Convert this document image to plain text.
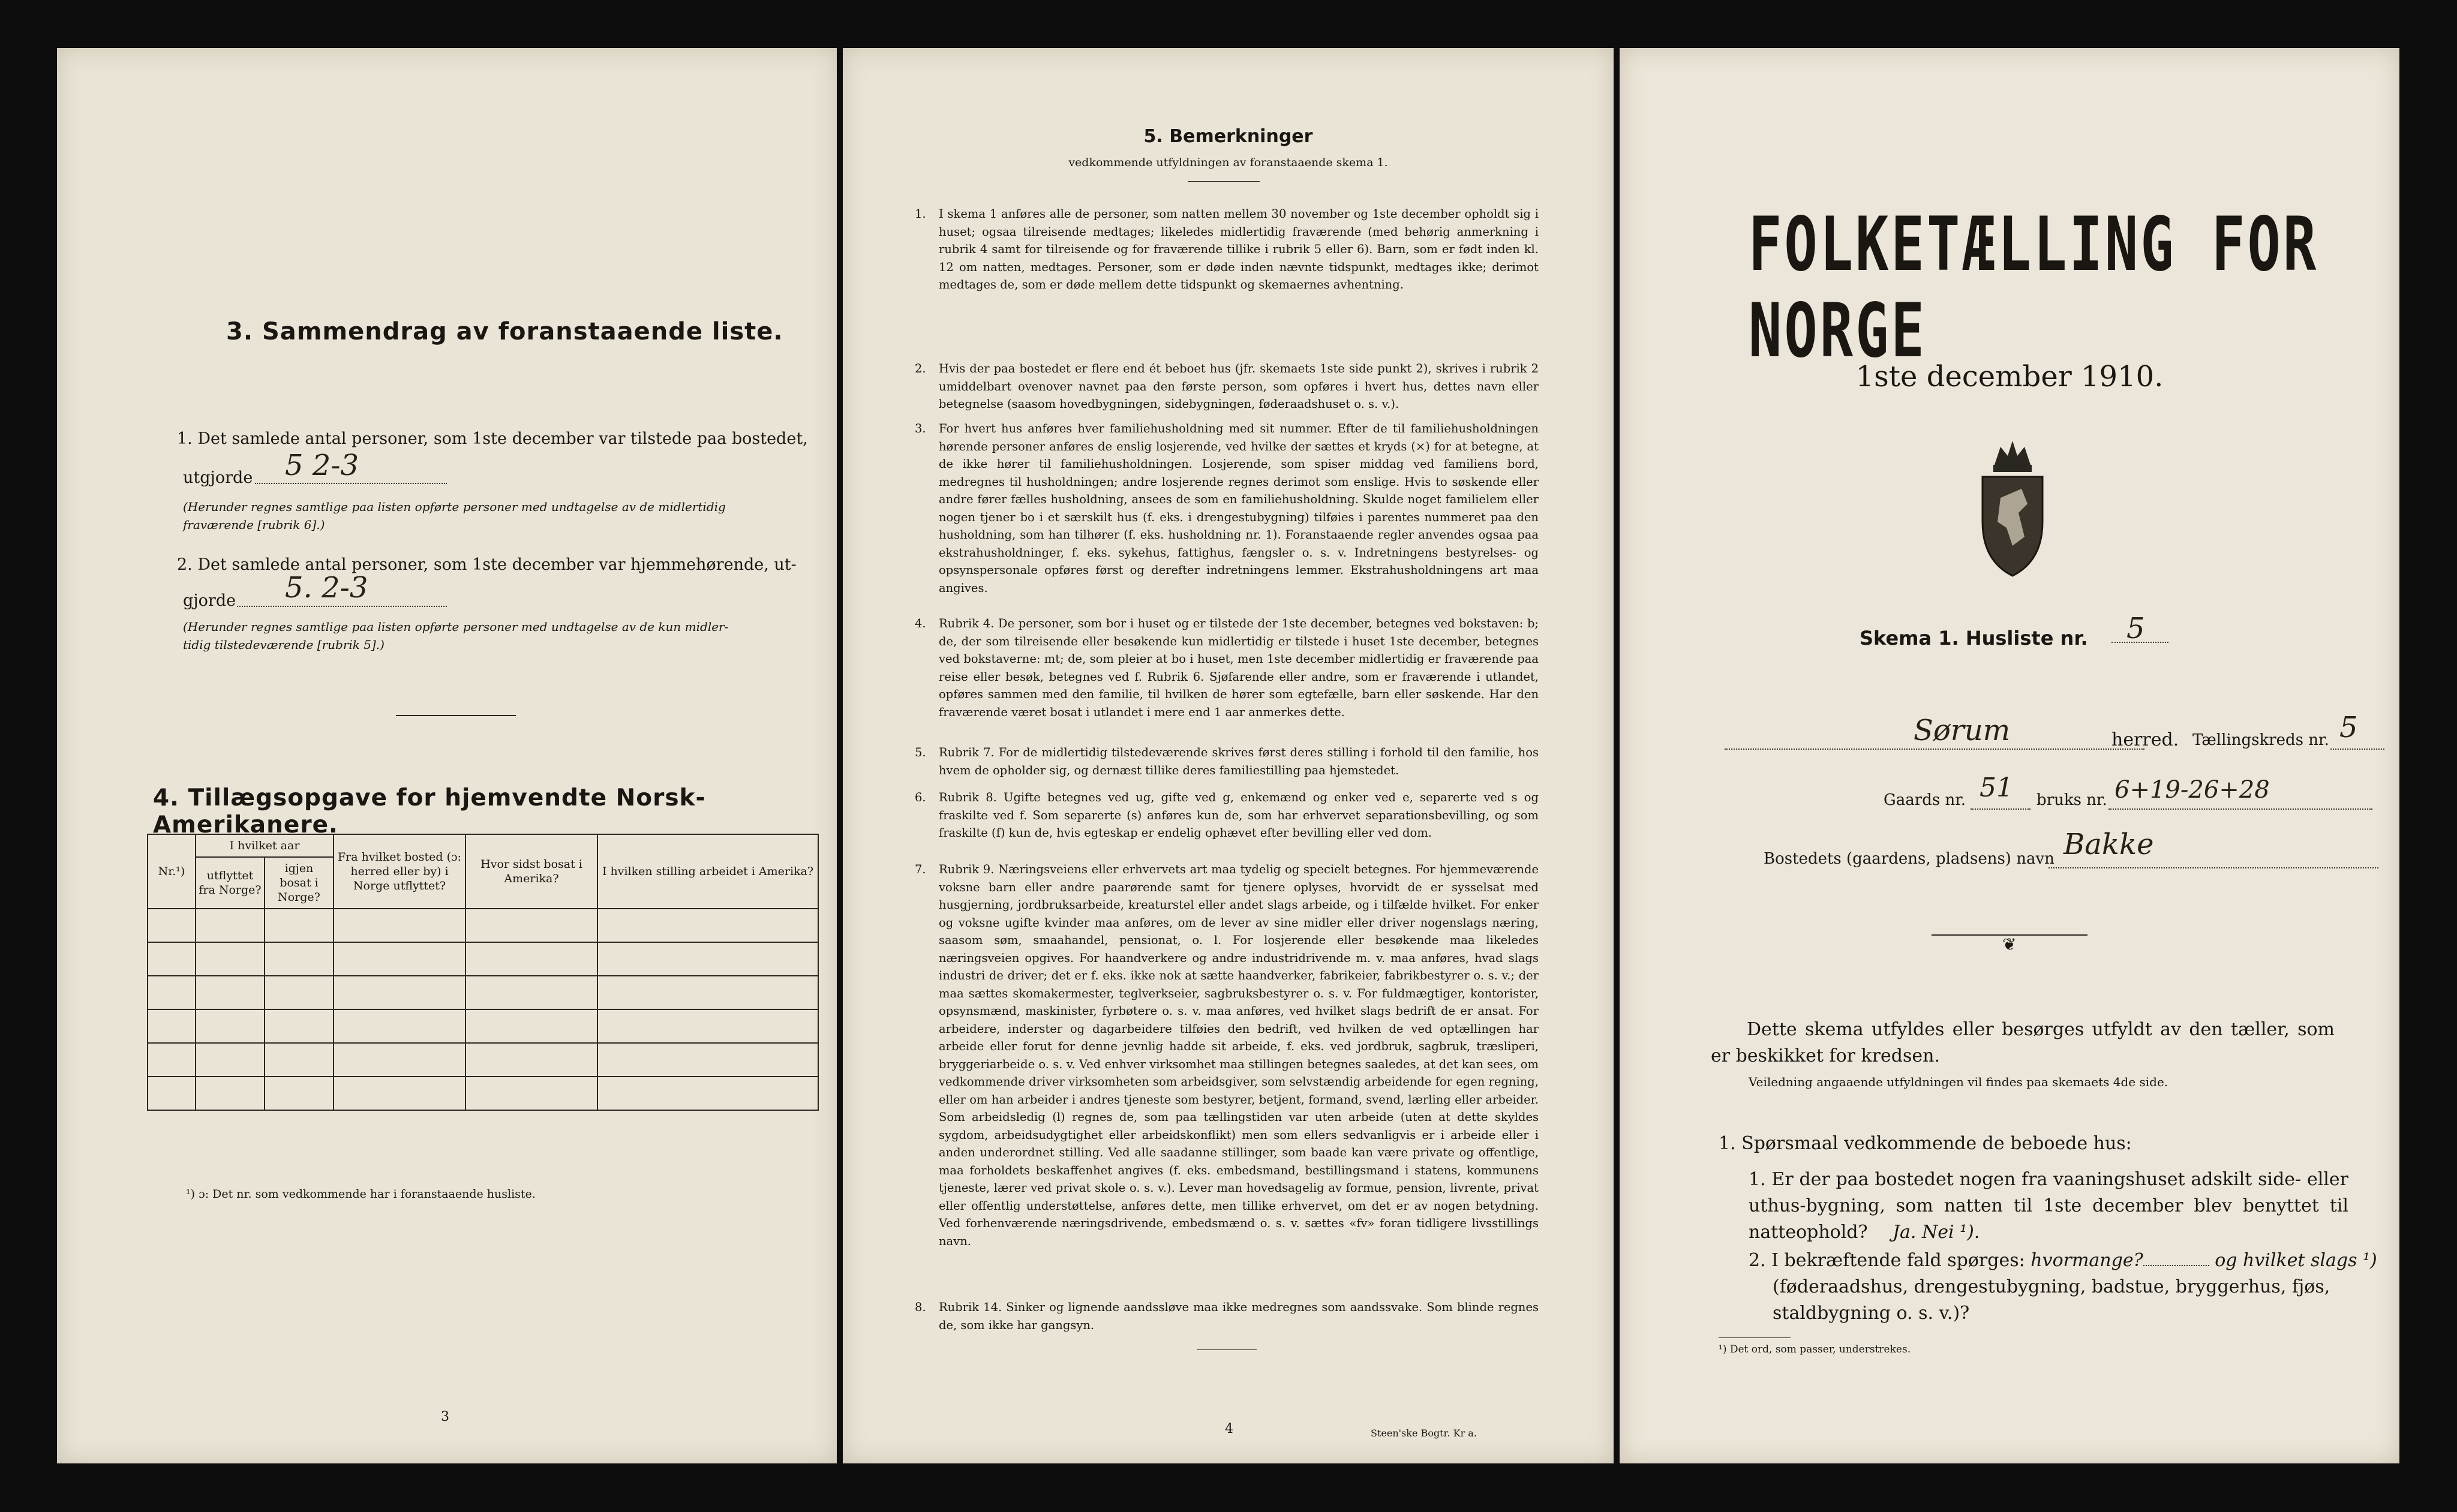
3. Sammendrag av foranstaaende liste.
1. Det samlede antal personer, som 1ste december var tilstede paa bostedet,
utgjorde 5 2-3
(Herunder regnes samtlige paa listen opførte personer med undtagelse av de midlertidig
fraværende [rubrik 6].)
2. Det samlede antal personer, som 1ste december var hjemmehørende, ut-
gjorde 5. 2-3
(Herunder regnes samtlige paa listen opførte personer med undtagelse av de kun midler-
tidig tilstedeværende [rubrik 5].)
4. Tillægsopgave for hjemvendte Norsk-Amerikanere.
Nr.¹)	I hvilket aar		Fra hvilket bosted (ɔ: herred eller by) i Norge utflyttet?	Hvor sidst bosat i Amerika?	I hvilken stilling arbeidet i Amerika?
	utflyttet fra Norge?	igjen bosat i Norge?			

¹) ɔ: Det nr. som vedkommende har i foranstaaende husliste.
3
5. Bemerkninger
vedkommende utfyldningen av foranstaaende skema 1.
1. I skema 1 anføres alle de personer, som natten mellem 30 november og 1ste december opholdt sig i huset; ogsaa tilreisende medtages; likeledes midlertidig fraværende (med behørig anmerkning i rubrik 4 samt for tilreisende og for fraværende tillike i rubrik 5 eller 6). Barn, som er født inden kl. 12 om natten, medtages. Personer, som er døde inden nævnte tidspunkt, medtages ikke; derimot medtages de, som er døde mellem dette tidspunkt og skemaernes avhentning.
2. Hvis der paa bostedet er flere end ét beboet hus (jfr. skemaets 1ste side punkt 2), skrives i rubrik 2 umiddelbart ovenover navnet paa den første person, som opføres i hvert hus, dettes navn eller betegnelse (saasom hovedbygningen, sidebygningen, føderaadshuset o. s. v.).
3. For hvert hus anføres hver familiehusholdning med sit nummer. Efter de til familiehusholdningen hørende personer anføres de enslig losjerende, ved hvilke der sættes et kryds (×) for at betegne, at de ikke hører til familiehusholdningen. Losjerende, som spiser middag ved familiens bord, medregnes til husholdningen; andre losjerende regnes derimot som enslige. Hvis to søskende eller andre fører fælles husholdning, ansees de som en familiehusholdning. Skulde noget familielem eller nogen tjener bo i et særskilt hus (f. eks. i drengestubygning) tilføies i parentes nummeret paa den husholdning, som han tilhører (f. eks. husholdning nr. 1). Foranstaaende regler anvendes ogsaa paa ekstrahusholdninger, f. eks. sykehus, fattighus, fængsler o. s. v. Indretningens bestyrelses- og opsynspersonale opføres først og derefter indretningens lemmer. Ekstrahusholdningens art maa angives.
4. Rubrik 4. De personer, som bor i huset og er tilstede der 1ste december, betegnes ved bokstaven: b; de, der som tilreisende eller besøkende kun midlertidig er tilstede i huset 1ste december, betegnes ved bokstaverne: mt; de, som pleier at bo i huset, men 1ste december midlertidig er fraværende paa reise eller besøk, betegnes ved f. Rubrik 6. Sjøfarende eller andre, som er fraværende i utlandet, opføres sammen med den familie, til hvilken de hører som egtefælle, barn eller søskende. Har den fraværende været bosat i utlandet i mere end 1 aar anmerkes dette.
5. Rubrik 7. For de midlertidig tilstedeværende skrives først deres stilling i forhold til den familie, hos hvem de opholder sig, og dernæst tillike deres familiestilling paa hjemstedet.
6. Rubrik 8. Ugifte betegnes ved ug, gifte ved g, enkemænd og enker ved e, separerte ved s og fraskilte ved f. Som separerte (s) anføres kun de, som har erhvervet separationsbevilling, og som fraskilte (f) kun de, hvis egteskap er endelig ophævet efter bevilling eller ved dom.
7. Rubrik 9. Næringsveiens eller erhvervets art maa tydelig og specielt betegnes. For hjemmeværende voksne barn eller andre paarørende samt for tjenere oplyses, hvorvidt de er sysselsat med husgjerning, jordbruksarbeide, kreaturstel eller andet slags arbeide, og i tilfælde hvilket. For enker og voksne ugifte kvinder maa anføres, om de lever av sine midler eller driver nogenslags næring, saasom søm, smaahandel, pensionat, o. l. For losjerende eller besøkende maa likeledes næringsveien opgives. For haandverkere og andre industridrivende m. v. maa anføres, hvad slags industri de driver; det er f. eks. ikke nok at sætte haandverker, fabrikeier, fabrikbestyrer o. s. v.; der maa sættes skomakermester, teglverkseier, sagbruksbestyrer o. s. v. For fuldmægtiger, kontorister, opsynsmænd, maskinister, fyrbøtere o. s. v. maa anføres, ved hvilket slags bedrift de er ansat. For arbeidere, inderster og dagarbeidere tilføies den bedrift, ved hvilken de ved optællingen har arbeide eller forut for denne jevnlig hadde sit arbeide, f. eks. ved jordbruk, sagbruk, træsliperi, bryggeriarbeide o. s. v. Ved enhver virksomhet maa stillingen betegnes saaledes, at det kan sees, om vedkommende driver virksomheten som arbeidsgiver, som selvstændig arbeidende for egen regning, eller om han arbeider i andres tjeneste som bestyrer, betjent, formand, svend, lærling eller arbeider. Som arbeidsledig (l) regnes de, som paa tællingstiden var uten arbeide (uten at dette skyldes sygdom, arbeidsudygtighet eller arbeidskonflikt) men som ellers sedvanligvis er i arbeide eller i anden underordnet stilling. Ved alle saadanne stillinger, som baade kan være private og offentlige, maa forholdets beskaffenhet angives (f. eks. embedsmand, bestillingsmand i statens, kommunens tjeneste, lærer ved privat skole o. s. v.). Lever man hovedsagelig av formue, pension, livrente, privat eller offentlig understøttelse, anføres dette, men tillike erhvervet, om det er av nogen betydning. Ved forhenværende næringsdrivende, embedsmænd o. s. v. sættes «fv» foran tidligere livsstillings navn.
8. Rubrik 14. Sinker og lignende aandssløve maa ikke medregnes som aandssvake. Som blinde regnes de, som ikke har gangsyn.
4	Steen'ske Bogtr. Kr a.
FOLKETÆLLING FOR NORGE
1ste december 1910.
Skema 1. Husliste nr. 5
Sørum	herred. Tællingskreds nr. 5
Gaards nr. 51 bruks nr. 6+19-26+28
Bostedets (gaardens, pladsens) navn Bakke
❦
Dette skema utfyldes eller besørges utfyldt av den tæller, som er beskikket for kredsen.
Veiledning angaaende utfyldningen vil findes paa skemaets 4de side.
1. Spørsmaal vedkommende de beboede hus:
1. Er der paa bostedet nogen fra vaaningshuset adskilt side- eller uthus-bygning, som natten til 1ste december blev benyttet til natteophold?	Ja. Nei ¹).
2. I bekræftende fald spørges: hvormange?	og hvilket slags ¹)
(føderaadshus, drengestubygning, badstue, bryggerhus, fjøs, staldbygning o. s. v.)?
¹) Det ord, som passer, understrekes.
